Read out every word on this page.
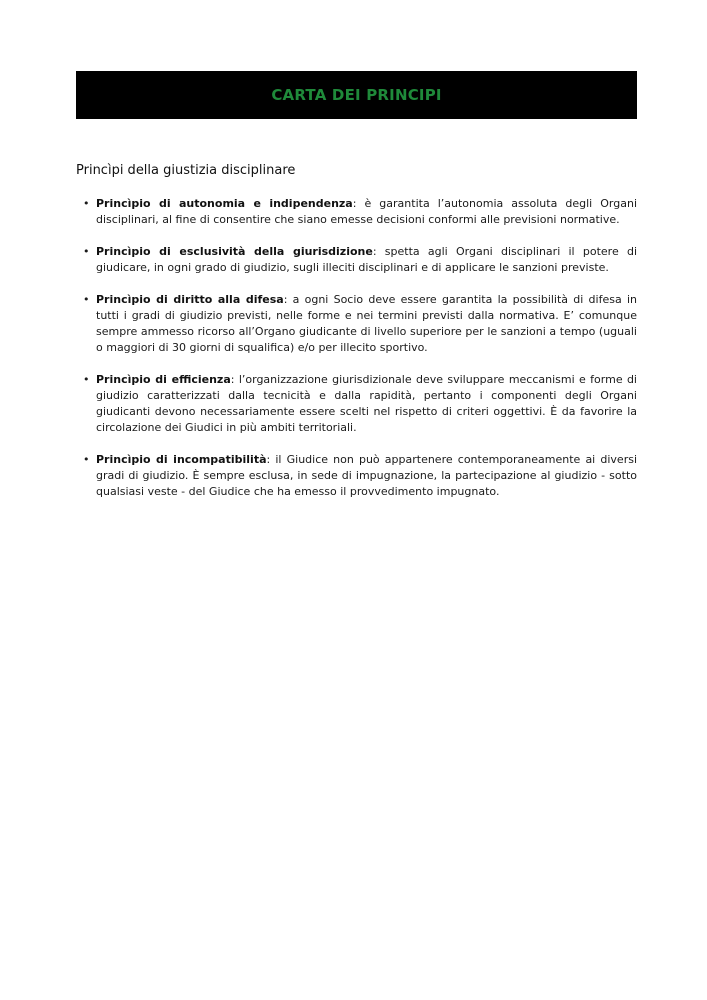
CARTA DEI PRINCIPI
Princìpi della giustizia disciplinare
• Princìpio di autonomia e indipendenza: è garantita l’autonomia assoluta degli Organi disciplinari, al fine di consentire che siano emesse decisioni conformi alle previsioni normative.
• Princìpio di esclusività della giurisdizione: spetta agli Organi disciplinari il potere di giudicare, in ogni grado di giudizio, sugli illeciti disciplinari e di applicare le sanzioni previste.
• Princìpio di diritto alla difesa: a ogni Socio deve essere garantita la possibilità di difesa in tutti i gradi di giudizio previsti, nelle forme e nei termini previsti dalla normativa. E’ comunque sempre ammesso ricorso all’Organo giudicante di livello superiore per le sanzioni a tempo (uguali o maggiori di 30 giorni di squalifica) e/o per illecito sportivo.
• Princìpio di efficienza: l’organizzazione giurisdizionale deve sviluppare meccanismi e forme di giudizio caratterizzati dalla tecnicità e dalla rapidità, pertanto i componenti degli Organi giudicanti devono necessariamente essere scelti nel rispetto di criteri oggettivi. È da favorire la circolazione dei Giudici in più ambiti territoriali.
• Princìpio di incompatibilità: il Giudice non può appartenere contemporaneamente ai diversi gradi di giudizio. È sempre esclusa, in sede di impugnazione, la partecipazione al giudizio - sotto qualsiasi veste - del Giudice che ha emesso il provvedimento impugnato.
